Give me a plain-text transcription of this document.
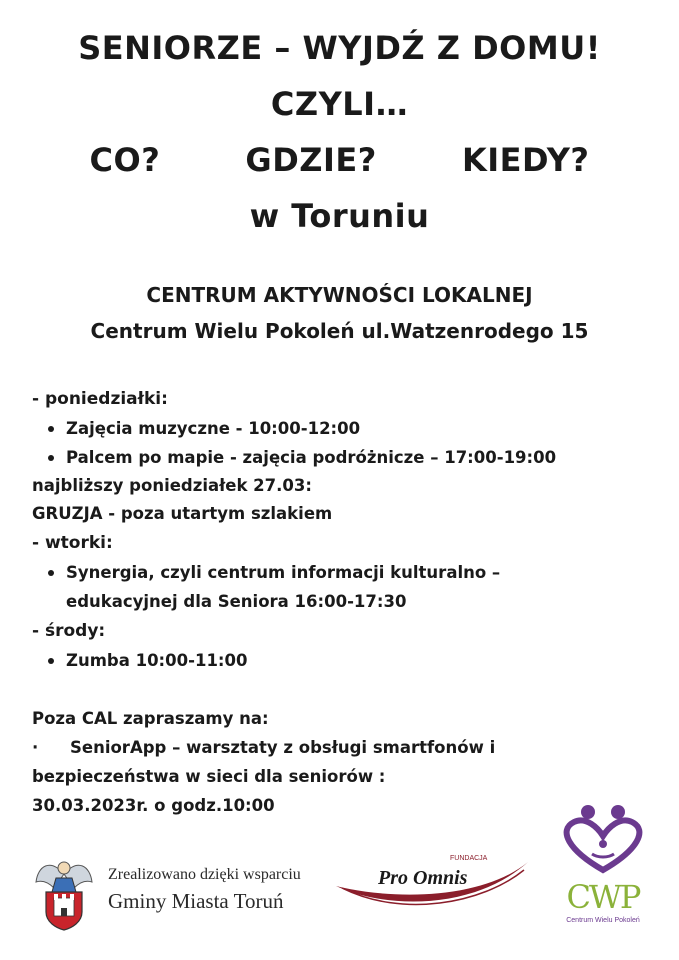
SENIORZE – WYJDŹ Z DOMU!
CZYLI…
CO?	GDZIE?	KIEDY?
w Toruniu
CENTRUM AKTYWNOŚCI LOKALNEJ
Centrum Wielu Pokoleń ul.Watzenrodego 15
- poniedziałki:
Zajęcia muzyczne - 10:00-12:00
Palcem po mapie - zajęcia podróżnicze – 17:00-19:00
najbliższy poniedziałek 27.03:
GRUZJA - poza utartym szlakiem
- wtorki:
Synergia, czyli centrum informacji kulturalno –
edukacyjnej dla Seniora 16:00-17:30
- środy:
Zumba 10:00-11:00
Poza CAL zapraszamy na:
· SeniorApp – warsztaty z obsługi smartfonów i
bezpieczeństwa w sieci dla seniorów :
30.03.2023r. o godz.10:00
Zrealizowano dzięki wsparciu
Gminy Miasta Toruń
FUNDACJA
Pro Omnis	CWP
Centrum Wielu Pokoleń
